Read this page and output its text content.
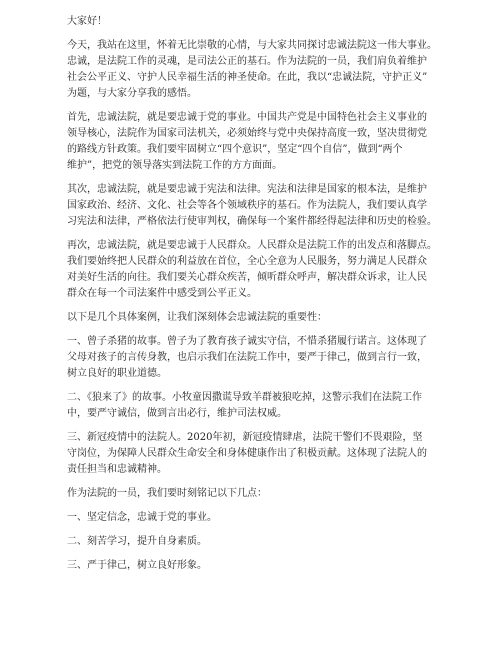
大家好！

今天，我站在这里，怀着无比崇敬的心情，与大家共同探讨忠诚法院这一伟大事业。
忠诚，是法院工作的灵魂，是司法公正的基石。作为法院的一员，我们肩负着维护
社会公平正义、守护人民幸福生活的神圣使命。在此，我以“忠诚法院，守护正义”
为题，与大家分享我的感悟。

首先，忠诚法院，就是要忠诚于党的事业。中国共产党是中国特色社会主义事业的
领导核心，法院作为国家司法机关，必须始终与党中央保持高度一致，坚决贯彻党
的路线方针政策。我们要牢固树立“四个意识”，坚定“四个自信”，做到“两个
维护”，把党的领导落实到法院工作的方方面面。

其次，忠诚法院，就是要忠诚于宪法和法律。宪法和法律是国家的根本法，是维护
国家政治、经济、文化、社会等各个领域秩序的基石。作为法院人，我们要认真学
习宪法和法律，严格依法行使审判权，确保每一个案件都经得起法律和历史的检验。

再次，忠诚法院，就是要忠诚于人民群众。人民群众是法院工作的出发点和落脚点。
我们要始终把人民群众的利益放在首位，全心全意为人民服务，努力满足人民群众
对美好生活的向往。我们要关心群众疾苦，倾听群众呼声，解决群众诉求，让人民
群众在每一个司法案件中感受到公平正义。

以下是几个具体案例，让我们深刻体会忠诚法院的重要性：

一、曾子杀猪的故事。曾子为了教育孩子诚实守信，不惜杀猪履行诺言。这体现了
父母对孩子的言传身教，也启示我们在法院工作中，要严于律己，做到言行一致，
树立良好的职业道德。

二、《狼来了》的故事。小牧童因撒谎导致羊群被狼吃掉，这警示我们在法院工作
中，要严守诚信，做到言出必行，维护司法权威。

三、新冠疫情中的法院人。2020年初，新冠疫情肆虐，法院干警们不畏艰险，坚
守岗位，为保障人民群众生命安全和身体健康作出了积极贡献。这体现了法院人的
责任担当和忠诚精神。

作为法院的一员，我们要时刻铭记以下几点：

一、坚定信念，忠诚于党的事业。

二、刻苦学习，提升自身素质。

三、严于律己，树立良好形象。
